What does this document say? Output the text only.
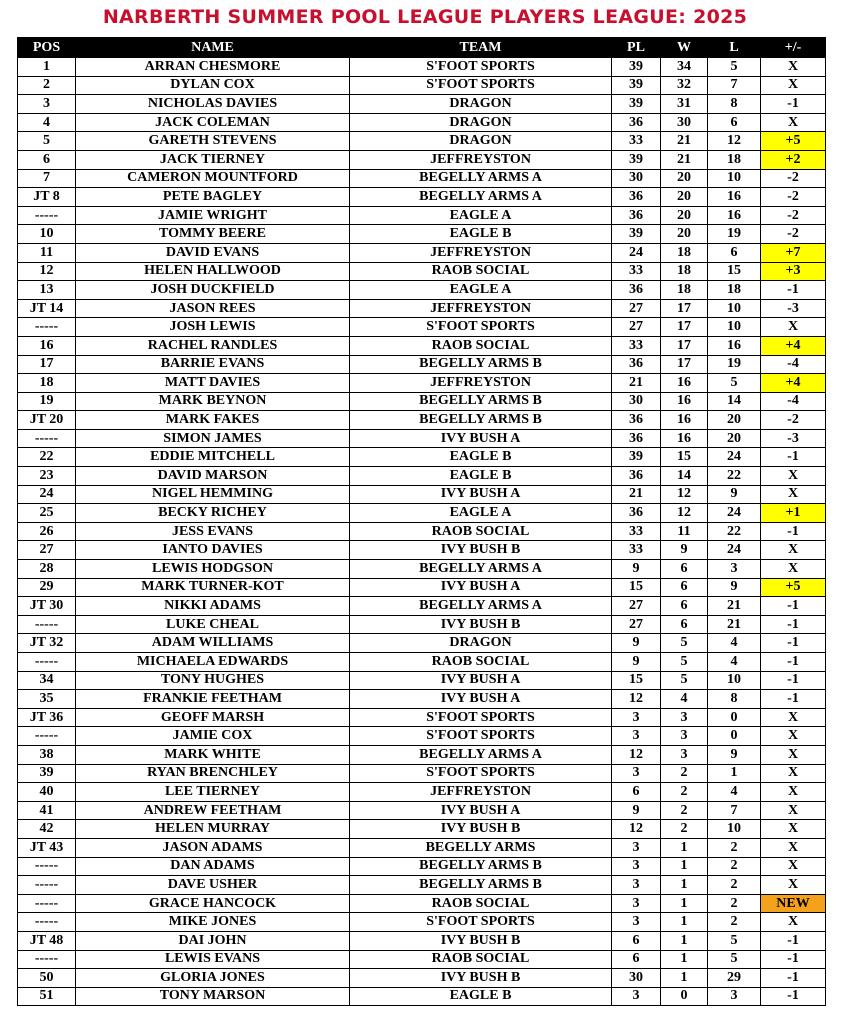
NARBERTH SUMMER POOL LEAGUE PLAYERS LEAGUE: 2025
POS	NAME	TEAM	PL	W	L	+/-
1	ARRAN CHESMORE	S'FOOT SPORTS	39	34	5	X
2	DYLAN COX	S'FOOT SPORTS	39	32	7	X
3	NICHOLAS DAVIES	DRAGON	39	31	8	-1
4	JACK COLEMAN	DRAGON	36	30	6	X
5	GARETH STEVENS	DRAGON	33	21	12	+5
6	JACK TIERNEY	JEFFREYSTON	39	21	18	+2
7	CAMERON MOUNTFORD	BEGELLY ARMS A	30	20	10	-2
JT 8	PETE BAGLEY	BEGELLY ARMS A	36	20	16	-2
-----	JAMIE WRIGHT	EAGLE A	36	20	16	-2
10	TOMMY BEERE	EAGLE B	39	20	19	-2
11	DAVID EVANS	JEFFREYSTON	24	18	6	+7
12	HELEN HALLWOOD	RAOB SOCIAL	33	18	15	+3
13	JOSH DUCKFIELD	EAGLE A	36	18	18	-1
JT 14	JASON REES	JEFFREYSTON	27	17	10	-3
-----	JOSH LEWIS	S'FOOT SPORTS	27	17	10	X
16	RACHEL RANDLES	RAOB SOCIAL	33	17	16	+4
17	BARRIE EVANS	BEGELLY ARMS B	36	17	19	-4
18	MATT DAVIES	JEFFREYSTON	21	16	5	+4
19	MARK BEYNON	BEGELLY ARMS B	30	16	14	-4
JT 20	MARK FAKES	BEGELLY ARMS B	36	16	20	-2
-----	SIMON JAMES	IVY BUSH A	36	16	20	-3
22	EDDIE MITCHELL	EAGLE B	39	15	24	-1
23	DAVID MARSON	EAGLE B	36	14	22	X
24	NIGEL HEMMING	IVY BUSH A	21	12	9	X
25	BECKY RICHEY	EAGLE A	36	12	24	+1
26	JESS EVANS	RAOB SOCIAL	33	11	22	-1
27	IANTO DAVIES	IVY BUSH B	33	9	24	X
28	LEWIS HODGSON	BEGELLY ARMS A	9	6	3	X
29	MARK TURNER-KOT	IVY BUSH A	15	6	9	+5
JT 30	NIKKI ADAMS	BEGELLY ARMS A	27	6	21	-1
-----	LUKE CHEAL	IVY BUSH B	27	6	21	-1
JT 32	ADAM WILLIAMS	DRAGON	9	5	4	-1
-----	MICHAELA EDWARDS	RAOB SOCIAL	9	5	4	-1
34	TONY HUGHES	IVY BUSH A	15	5	10	-1
35	FRANKIE FEETHAM	IVY BUSH A	12	4	8	-1
JT 36	GEOFF MARSH	S'FOOT SPORTS	3	3	0	X
-----	JAMIE COX	S'FOOT SPORTS	3	3	0	X
38	MARK WHITE	BEGELLY ARMS A	12	3	9	X
39	RYAN BRENCHLEY	S'FOOT SPORTS	3	2	1	X
40	LEE TIERNEY	JEFFREYSTON	6	2	4	X
41	ANDREW FEETHAM	IVY BUSH A	9	2	7	X
42	HELEN MURRAY	IVY BUSH B	12	2	10	X
JT 43	JASON ADAMS	BEGELLY ARMS	3	1	2	X
-----	DAN ADAMS	BEGELLY ARMS B	3	1	2	X
-----	DAVE USHER	BEGELLY ARMS B	3	1	2	X
-----	GRACE HANCOCK	RAOB SOCIAL	3	1	2	NEW
-----	MIKE JONES	S'FOOT SPORTS	3	1	2	X
JT 48	DAI JOHN	IVY BUSH B	6	1	5	-1
-----	LEWIS EVANS	RAOB SOCIAL	6	1	5	-1
50	GLORIA JONES	IVY BUSH B	30	1	29	-1
51	TONY MARSON	EAGLE B	3	0	3	-1
